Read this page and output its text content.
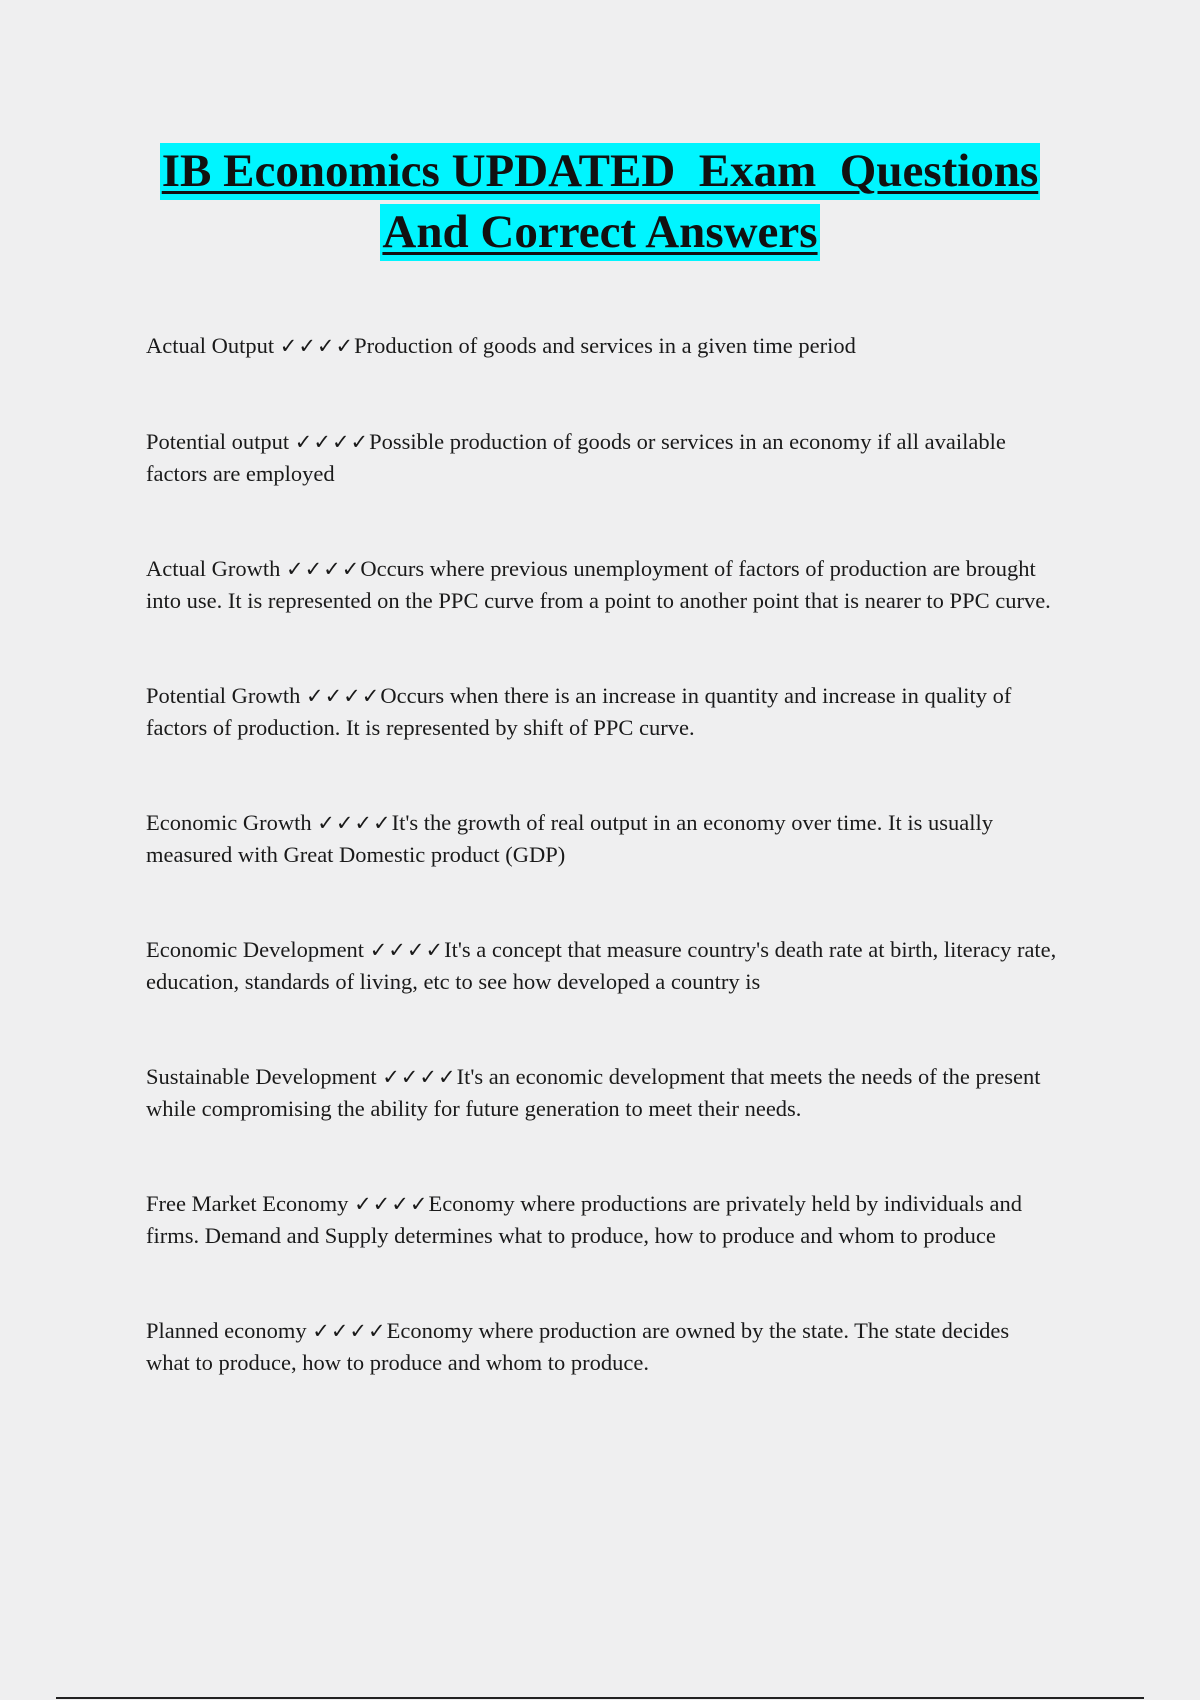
IB Economics UPDATED  Exam  Questions
And Correct Answers

Actual Output ✓✓✓✓Production of goods and services in a given time period

Potential output ✓✓✓✓Possible production of goods or services in an economy if all available factors are employed

Actual Growth ✓✓✓✓Occurs where previous unemployment of factors of production are brought into use. It is represented on the PPC curve from a point to another point that is nearer to PPC curve.

Potential Growth ✓✓✓✓Occurs when there is an increase in quantity and increase in quality of factors of production. It is represented by shift of PPC curve.

Economic Growth ✓✓✓✓It's the growth of real output in an economy over time. It is usually measured with Great Domestic product (GDP)

Economic Development ✓✓✓✓It's a concept that measure country's death rate at birth, literacy rate, education, standards of living, etc to see how developed a country is

Sustainable Development ✓✓✓✓It's an economic development that meets the needs of the present while compromising the ability for future generation to meet their needs.

Free Market Economy ✓✓✓✓Economy where productions are privately held by individuals and firms. Demand and Supply determines what to produce, how to produce and whom to produce

Planned economy ✓✓✓✓Economy where production are owned by the state. The state decides what to produce, how to produce and whom to produce.
